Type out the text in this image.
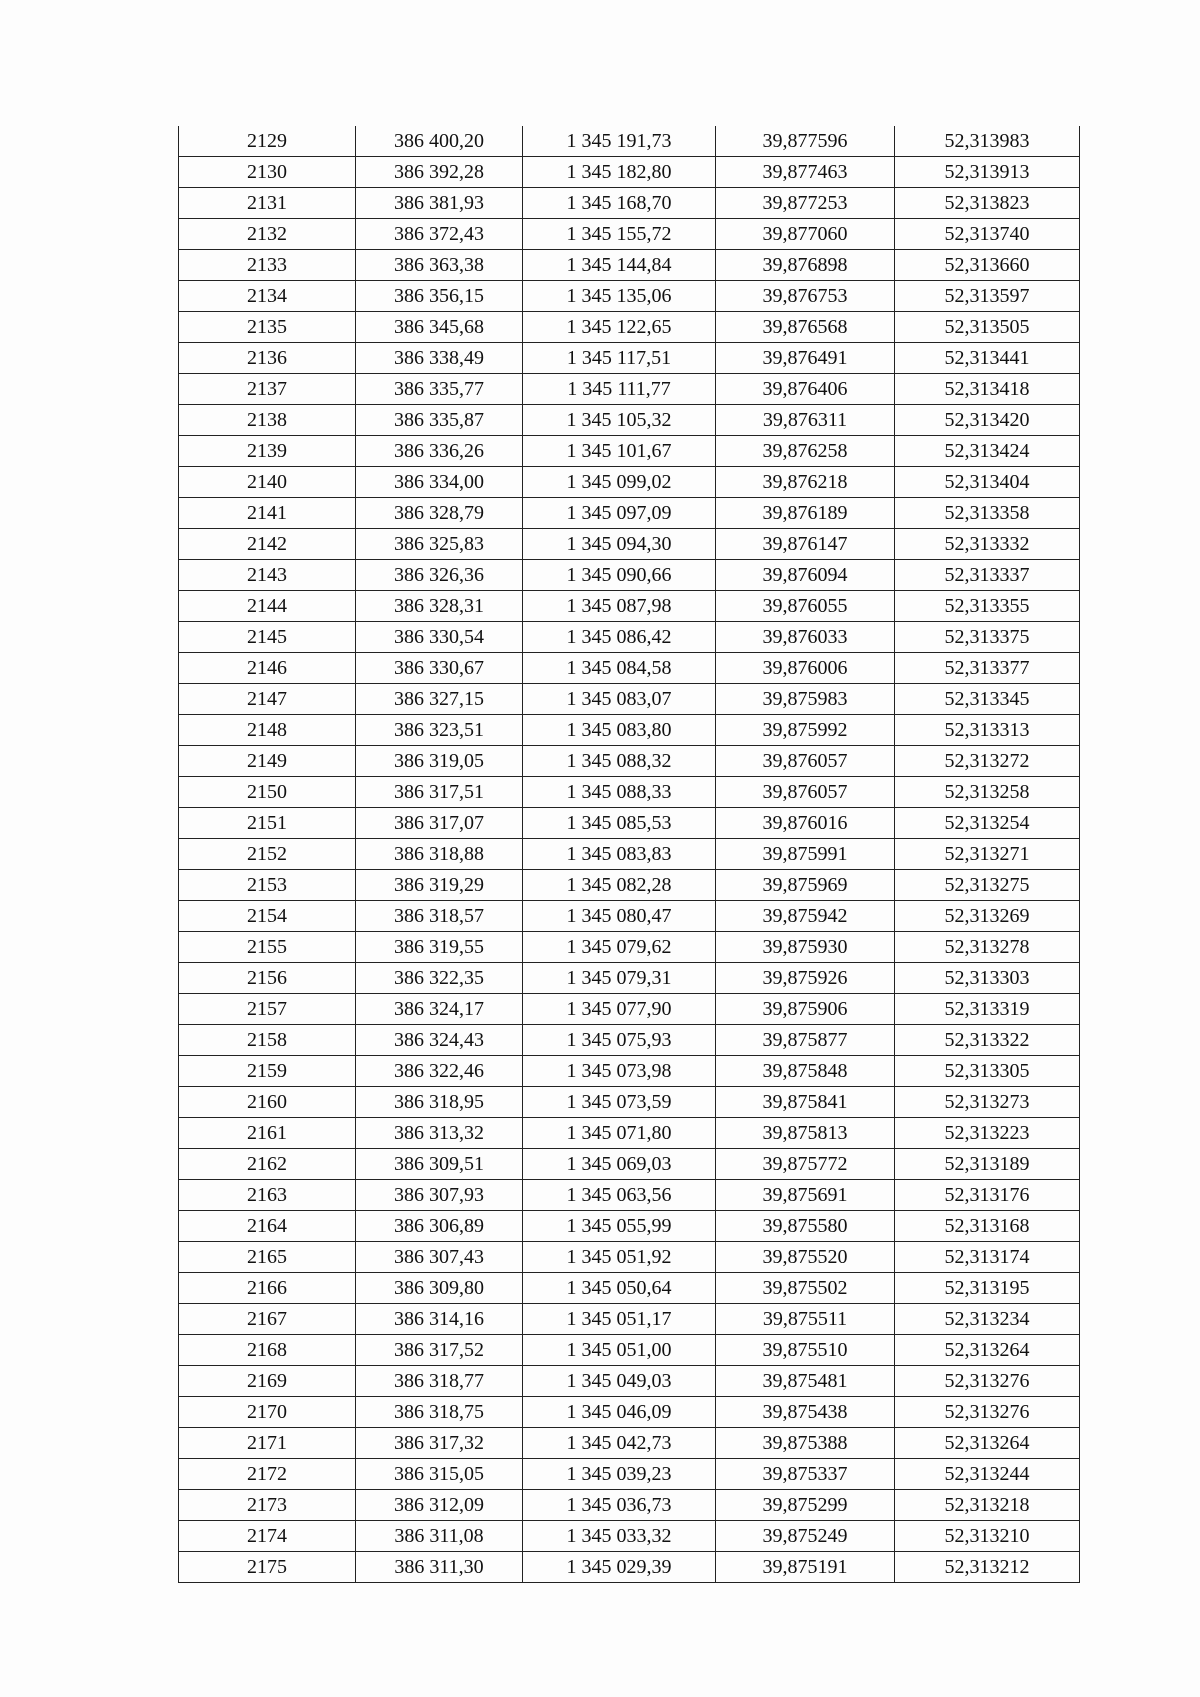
2129	386 400,20	1 345 191,73	39,877596	52,313983
2130	386 392,28	1 345 182,80	39,877463	52,313913
2131	386 381,93	1 345 168,70	39,877253	52,313823
2132	386 372,43	1 345 155,72	39,877060	52,313740
2133	386 363,38	1 345 144,84	39,876898	52,313660
2134	386 356,15	1 345 135,06	39,876753	52,313597
2135	386 345,68	1 345 122,65	39,876568	52,313505
2136	386 338,49	1 345 117,51	39,876491	52,313441
2137	386 335,77	1 345 111,77	39,876406	52,313418
2138	386 335,87	1 345 105,32	39,876311	52,313420
2139	386 336,26	1 345 101,67	39,876258	52,313424
2140	386 334,00	1 345 099,02	39,876218	52,313404
2141	386 328,79	1 345 097,09	39,876189	52,313358
2142	386 325,83	1 345 094,30	39,876147	52,313332
2143	386 326,36	1 345 090,66	39,876094	52,313337
2144	386 328,31	1 345 087,98	39,876055	52,313355
2145	386 330,54	1 345 086,42	39,876033	52,313375
2146	386 330,67	1 345 084,58	39,876006	52,313377
2147	386 327,15	1 345 083,07	39,875983	52,313345
2148	386 323,51	1 345 083,80	39,875992	52,313313
2149	386 319,05	1 345 088,32	39,876057	52,313272
2150	386 317,51	1 345 088,33	39,876057	52,313258
2151	386 317,07	1 345 085,53	39,876016	52,313254
2152	386 318,88	1 345 083,83	39,875991	52,313271
2153	386 319,29	1 345 082,28	39,875969	52,313275
2154	386 318,57	1 345 080,47	39,875942	52,313269
2155	386 319,55	1 345 079,62	39,875930	52,313278
2156	386 322,35	1 345 079,31	39,875926	52,313303
2157	386 324,17	1 345 077,90	39,875906	52,313319
2158	386 324,43	1 345 075,93	39,875877	52,313322
2159	386 322,46	1 345 073,98	39,875848	52,313305
2160	386 318,95	1 345 073,59	39,875841	52,313273
2161	386 313,32	1 345 071,80	39,875813	52,313223
2162	386 309,51	1 345 069,03	39,875772	52,313189
2163	386 307,93	1 345 063,56	39,875691	52,313176
2164	386 306,89	1 345 055,99	39,875580	52,313168
2165	386 307,43	1 345 051,92	39,875520	52,313174
2166	386 309,80	1 345 050,64	39,875502	52,313195
2167	386 314,16	1 345 051,17	39,875511	52,313234
2168	386 317,52	1 345 051,00	39,875510	52,313264
2169	386 318,77	1 345 049,03	39,875481	52,313276
2170	386 318,75	1 345 046,09	39,875438	52,313276
2171	386 317,32	1 345 042,73	39,875388	52,313264
2172	386 315,05	1 345 039,23	39,875337	52,313244
2173	386 312,09	1 345 036,73	39,875299	52,313218
2174	386 311,08	1 345 033,32	39,875249	52,313210
2175	386 311,30	1 345 029,39	39,875191	52,313212
